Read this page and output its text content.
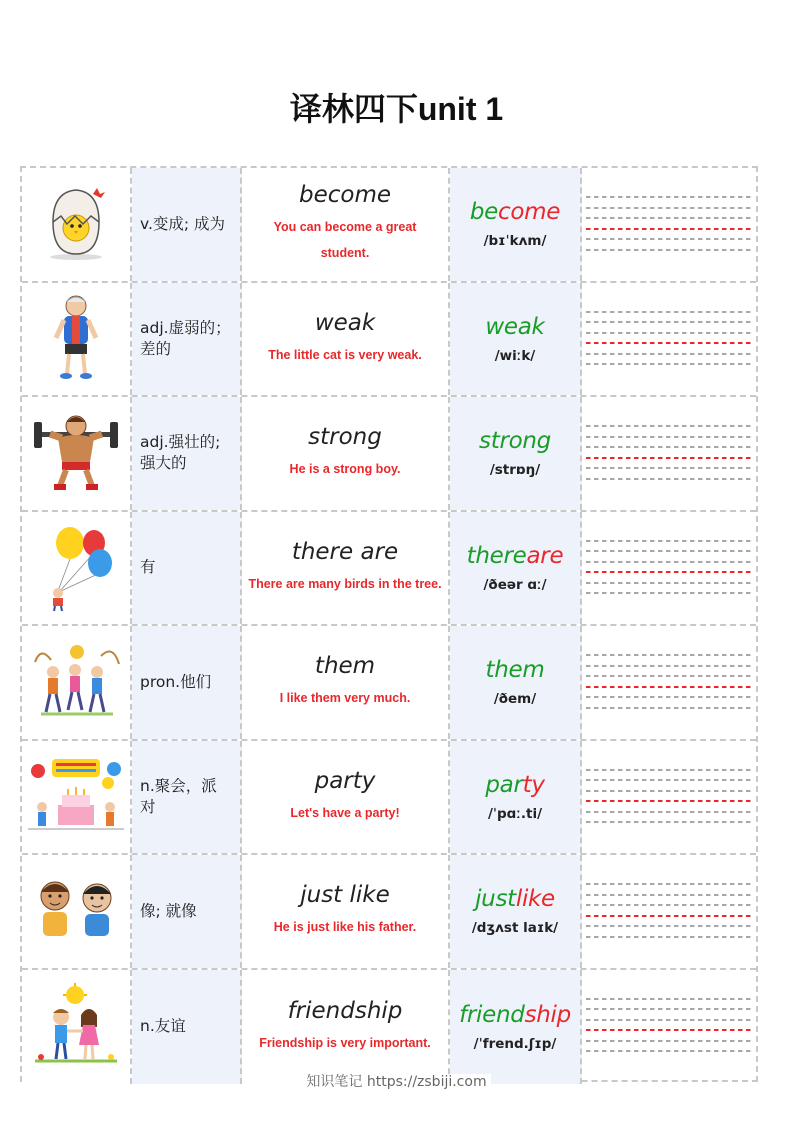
译林四下unit 1
v.变成; 成为
become
You can become a great student.
become
/bɪˈkʌm/
adj.虚弱的；差的
weak
The little cat is very weak.
weak
/wiːk/
adj.强壮的; 强大的
strong
He is a strong boy.
strong
/strɒŋ/
有
there are
There are many birds in the tree.
thereare
/ðeər ɑː/
pron.他们
them
I like them very much.
them
/ðem/
n.聚会，派对
party
Let's have a party!
party
/ˈpɑː.ti/
像; 就像
just like
He is just like his father.
justlike
/dʒʌst laɪk/
n.友谊
friendship
Friendship is very important.
friendship
/ˈfrend.ʃɪp/
知识笔记 https://zsbiji.com
